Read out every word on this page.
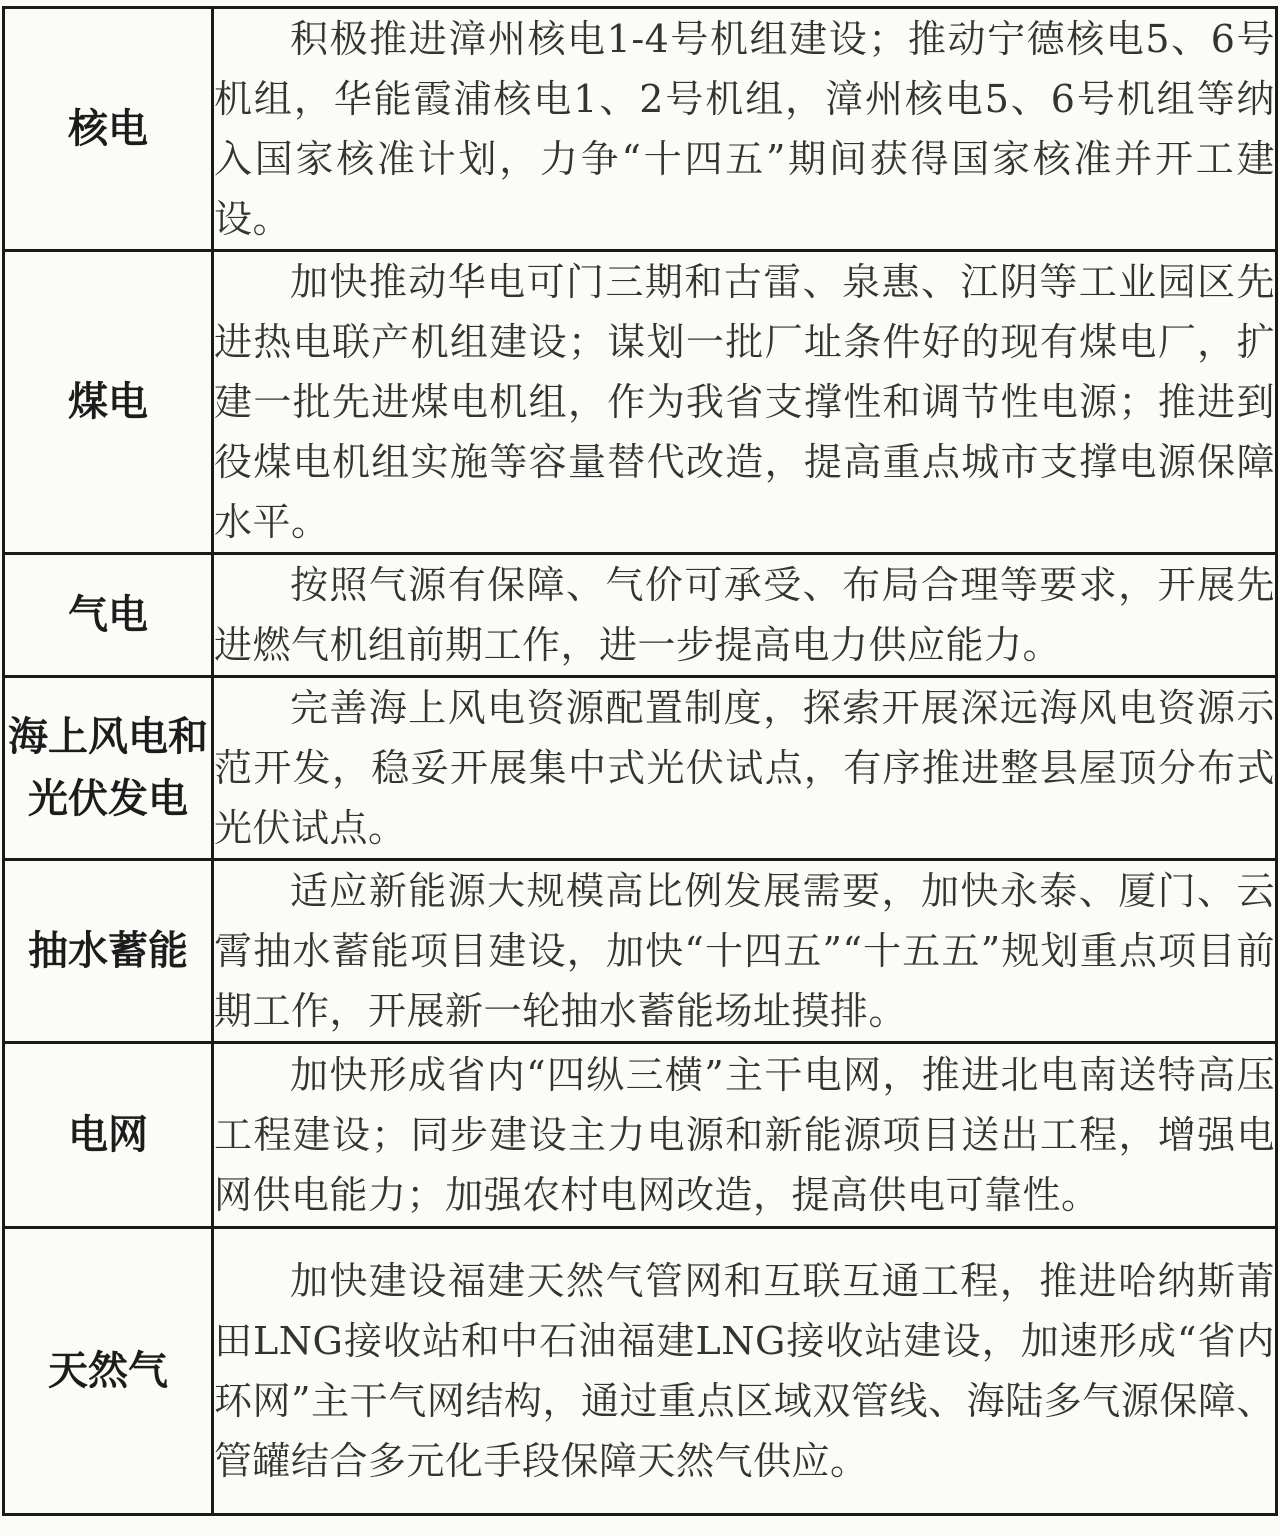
核电	积极推进漳州核电1-4号机组建设；推动宁德核电5、6号机组，华能霞浦核电1、2号机组，漳州核电5、6号机组等纳入国家核准计划，力争“十四五”期间获得国家核准并开工建设。
煤电	加快推动华电可门三期和古雷、泉惠、江阴等工业园区先进热电联产机组建设；谋划一批厂址条件好的现有煤电厂，扩建一批先进煤电机组，作为我省支撑性和调节性电源；推进到役煤电机组实施等容量替代改造，提高重点城市支撑电源保障水平。
气电	按照气源有保障、气价可承受、布局合理等要求，开展先进燃气机组前期工作，进一步提高电力供应能力。
海上风电和光伏发电	完善海上风电资源配置制度，探索开展深远海风电资源示范开发，稳妥开展集中式光伏试点，有序推进整县屋顶分布式光伏试点。
抽水蓄能	适应新能源大规模高比例发展需要，加快永泰、厦门、云霄抽水蓄能项目建设，加快“十四五”“十五五”规划重点项目前期工作，开展新一轮抽水蓄能场址摸排。
电网	加快形成省内“四纵三横”主干电网，推进北电南送特高压工程建设；同步建设主力电源和新能源项目送出工程，增强电网供电能力；加强农村电网改造，提高供电可靠性。
天然气	加快建设福建天然气管网和互联互通工程，推进哈纳斯莆田LNG接收站和中石油福建LNG接收站建设，加速形成“省内环网”主干气网结构，通过重点区域双管线、海陆多气源保障、管罐结合多元化手段保障天然气供应。
